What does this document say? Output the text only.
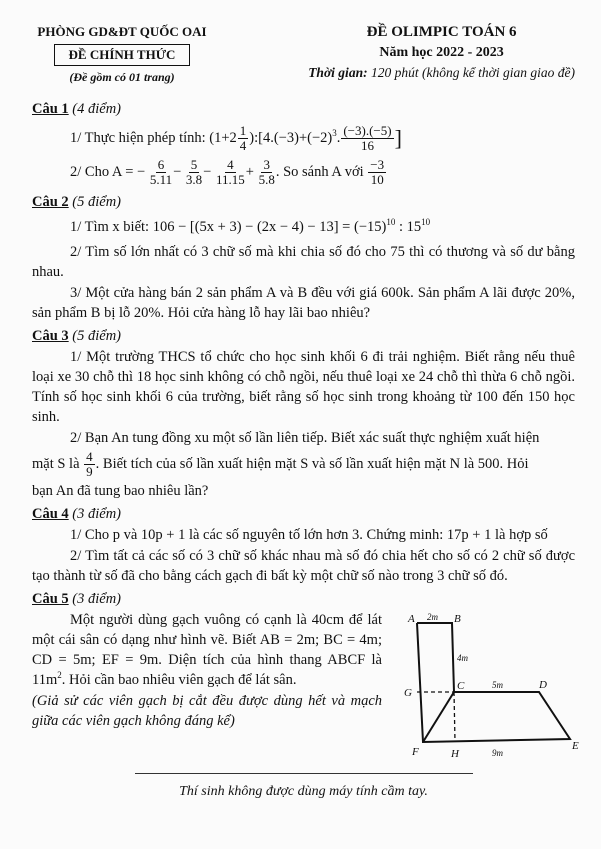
PHÒNG GD&ĐT QUỐC OAI
ĐỀ CHÍNH THỨC
(Đề gồm có 01 trang)
ĐỀ OLIMPIC TOÁN 6
Năm học 2022 - 2023
Thời gian: 120 phút (không kể thời gian giao đề)
Câu 1 (4 điểm)
1/ Thực hiện phép tính: ($1+2 \frac{1}{4}$ )$:[4.(-3)+(-2)^3$. $\frac{(-3).(-5)}{16}$ ]
2/ Cho A = − $\frac{6}{5.11} - \frac{5}{3.8} - \frac{4}{11.15} + \frac{3}{5.8}$ . So sánh A với $\frac{-3}{10}$
Câu 2 (5 điểm)
1/ Tìm x biết: $106 - [(5x + 3) - (2x - 4) - 13] = (-15)^{10}$ : $15^{10}$
2/ Tìm số lớn nhất có 3 chữ số mà khi chia số đó cho 75 thì có thương và số dư bằng nhau.
3/ Một cửa hàng bán 2 sản phẩm A và B đều với giá 600k. Sản phẩm A lãi được 20%, sản phẩm B bị lỗ 20%. Hỏi cửa hàng lỗ hay lãi bao nhiêu?
Câu 3 (5 điểm)
1/ Một trường THCS tổ chức cho học sinh khối 6 đi trải nghiệm. Biết rằng nếu thuê loại xe 30 chỗ thì 18 học sinh không có chỗ ngồi, nếu thuê loại xe 24 chỗ thì thừa 6 chỗ ngồi. Tính số học sinh khối 6 của trường, biết rằng số học sinh trong khoảng từ 100 đến 150 học sinh.
2/ Bạn An tung đồng xu một số lần liên tiếp. Biết xác suất thực nghiệm xuất hiện
mặt S là $\frac{4}{9}$ . Biết tích của số lần xuất hiện mặt S và số lần xuất hiện mặt N là 500. Hỏi
bạn An đã tung bao nhiêu lần?
Câu 4 (3 điểm)
1/ Cho p và 10p + 1 là các số nguyên tố lớn hơn 3. Chứng minh: 17p + 1 là hợp số
2/ Tìm tất cả các số có 3 chữ số khác nhau mà số đó chia hết cho số có 2 chữ số được tạo thành từ số đã cho bằng cách gạch đi bất kỳ một chữ số nào trong 3 chữ số đó.
Câu 5 (3 điểm)
Một người dùng gạch vuông có cạnh là 40cm để lát một cái sân có dạng như hình vẽ. Biết AB = 2m; BC = 4m; CD = 5m; EF = 9m. Diện tích của hình thang ABCF là $11m^2$. Hỏi cần bao nhiêu viên gạch để lát sân.
(Giả sử các viên gạch bị cắt đều được dùng hết và mạch giữa các viên gạch không đáng kể)
A	B
C	D
E
F
G
H
2m
4m
5m
9m
Thí sinh không được dùng máy tính cầm tay.
